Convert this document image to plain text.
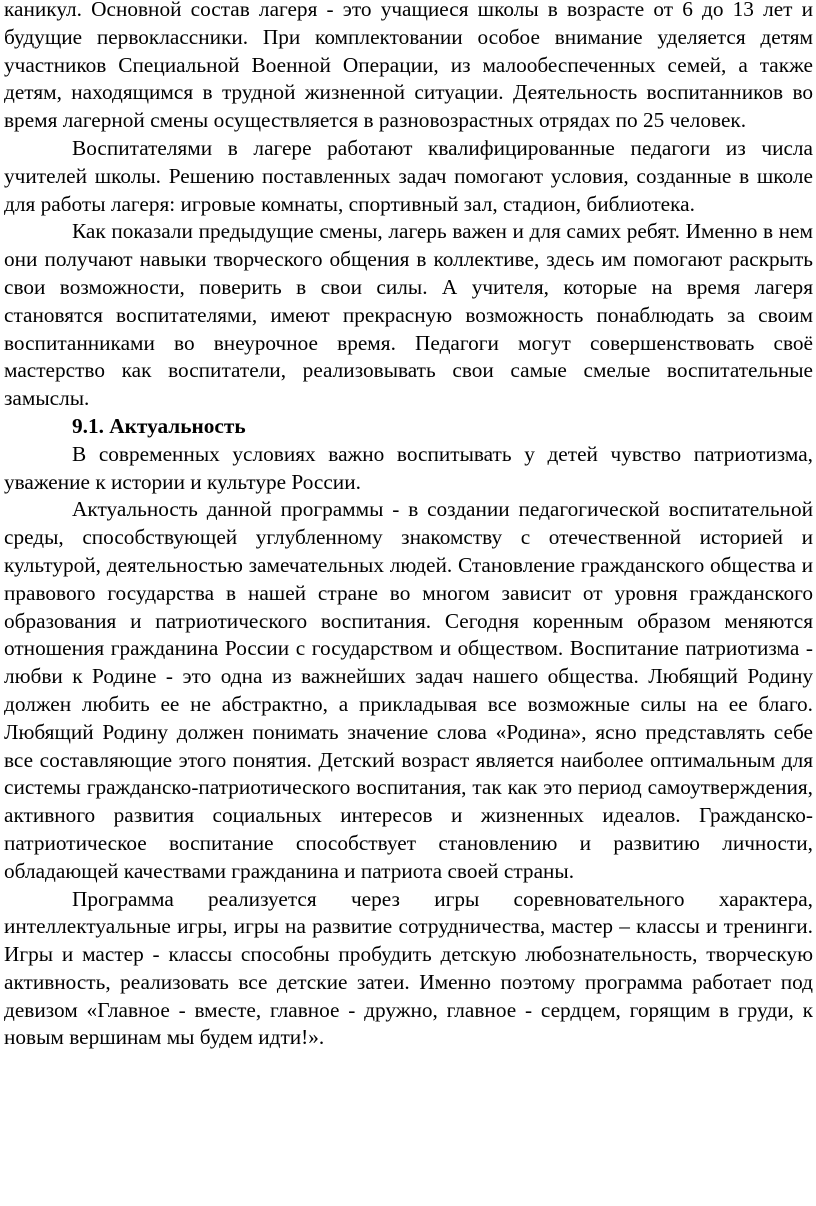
каникул. Основной состав лагеря - это учащиеся школы в возрасте от 6 до 13 лет и будущие первоклассники. При комплектовании особое внимание уделяется детям участников Специальной Военной Операции, из малообеспеченных семей, а также детям, находящимся в трудной жизненной ситуации. Деятельность воспитанников во время лагерной смены осуществляется в разновозрастных отрядах по 25 человек.

Воспитателями в лагере работают квалифицированные педагоги из числа учителей школы. Решению поставленных задач помогают условия, созданные в школе для работы лагеря: игровые комнаты, спортивный зал, стадион, библиотека.

Как показали предыдущие смены, лагерь важен и для самих ребят. Именно в нем они получают навыки творческого общения в коллективе, здесь им помогают раскрыть свои возможности, поверить в свои силы. А учителя, которые на время лагеря становятся воспитателями, имеют прекрасную возможность понаблюдать за своим воспитанниками во внеурочное время. Педагоги могут совершенствовать своё мастерство как воспитатели, реализовывать свои самые смелые воспитательные замыслы.

9.1. Актуальность

В современных условиях важно воспитывать у детей чувство патриотизма, уважение к истории и культуре России.

Актуальность данной программы - в создании педагогической воспитательной среды, способствующей углубленному знакомству с отечественной историей и культурой, деятельностью замечательных людей. Становление гражданского общества и правового государства в нашей стране во многом зависит от уровня гражданского образования и патриотического воспитания. Сегодня коренным образом меняются отношения гражданина России с государством и обществом. Воспитание патриотизма - любви к Родине - это одна из важнейших задач нашего общества. Любящий Родину должен любить ее не абстрактно, а прикладывая все возможные силы на ее благо. Любящий Родину должен понимать значение слова «Родина», ясно представлять себе все составляющие этого понятия. Детский возраст является наиболее оптимальным для системы гражданско-патриотического воспитания, так как это период самоутверждения, активного развития социальных интересов и жизненных идеалов. Гражданско-патриотическое воспитание способствует становлению и развитию личности, обладающей качествами гражданина и патриота своей страны.

Программа реализуется через игры соревновательного характера, интеллектуальные игры, игры на развитие сотрудничества, мастер – классы и тренинги. Игры и мастер - классы способны пробудить детскую любознательность, творческую активность, реализовать все детские затеи. Именно поэтому программа работает под девизом «Главное - вместе, главное - дружно, главное - сердцем, горящим в груди, к новым вершинам мы будем идти!».
